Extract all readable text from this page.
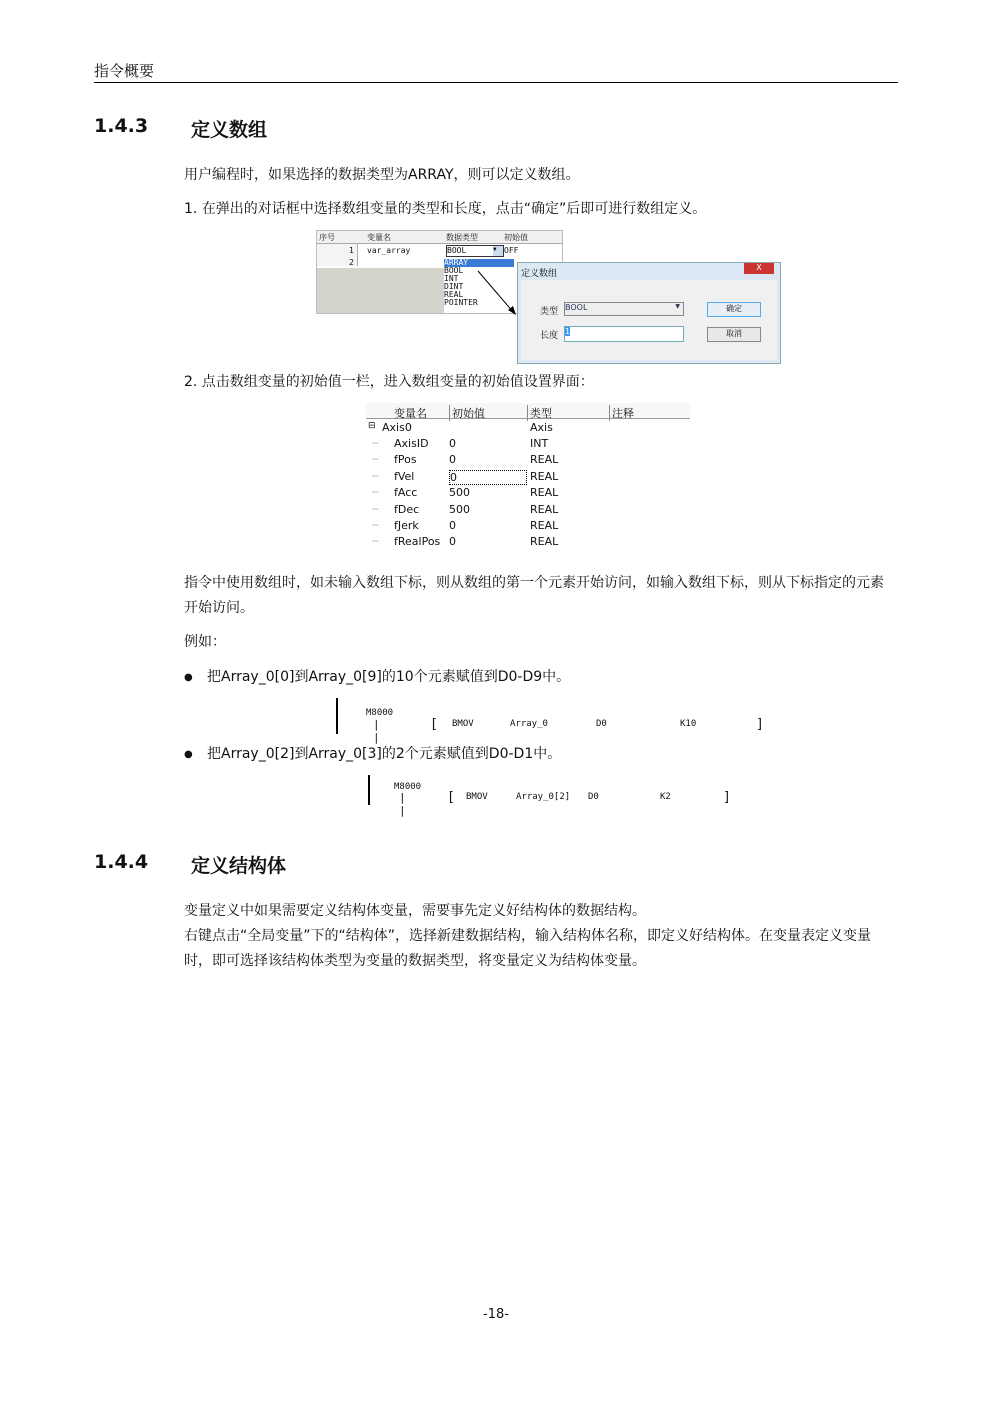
指令概要
1.4.3 定义数组
用户编程时，如果选择的数据类型为ARRAY，则可以定义数组。
1. 在弹出的对话框中选择数组变量的类型和长度，点击“确定”后即可进行数组定义。
序号	变量名	数据类型	初始值
1 var_array	BOOL	▼ OFF
2	ARRAY
BOOL
INT
DINT
REAL
POINTER
定义数组
X
类型 BOOL	▼
长度 1
确定
取消
2. 点击数组变量的初始值一栏，进入数组变量的初始值设置界面：
变量名 初始值	类型	注释
⊟ Axis0	Axis
┈ AxisID 0	INT
┈ fPos	0	REAL
┈ fVel	0	REAL
┈ fAcc	500	REAL
┈ fDec	500	REAL
┈ fJerk	0	REAL
┈ fRealPos 0	REAL
指令中使用数组时，如未输入数组下标，则从数组的第一个元素开始访问，如输入数组下标，则从下标指定的元素开始访问。
例如：
● 把Array_0[0]到Array_0[9]的10个元素赋值到D0-D9中。
M8000
| |
[ BMOV	Array_0	D0	K10	]
● 把Array_0[2]到Array_0[3]的2个元素赋值到D0-D1中。
M8000
| |
[ BMOV	Array_0[2] D0	K2	]
1.4.4 定义结构体
变量定义中如果需要定义结构体变量，需要事先定义好结构体的数据结构。
右键点击“全局变量”下的“结构体”，选择新建数据结构，输入结构体名称，即定义好结构体。在变量表定义变量时，即可选择该结构体类型为变量的数据类型，将变量定义为结构体变量。
-18-
